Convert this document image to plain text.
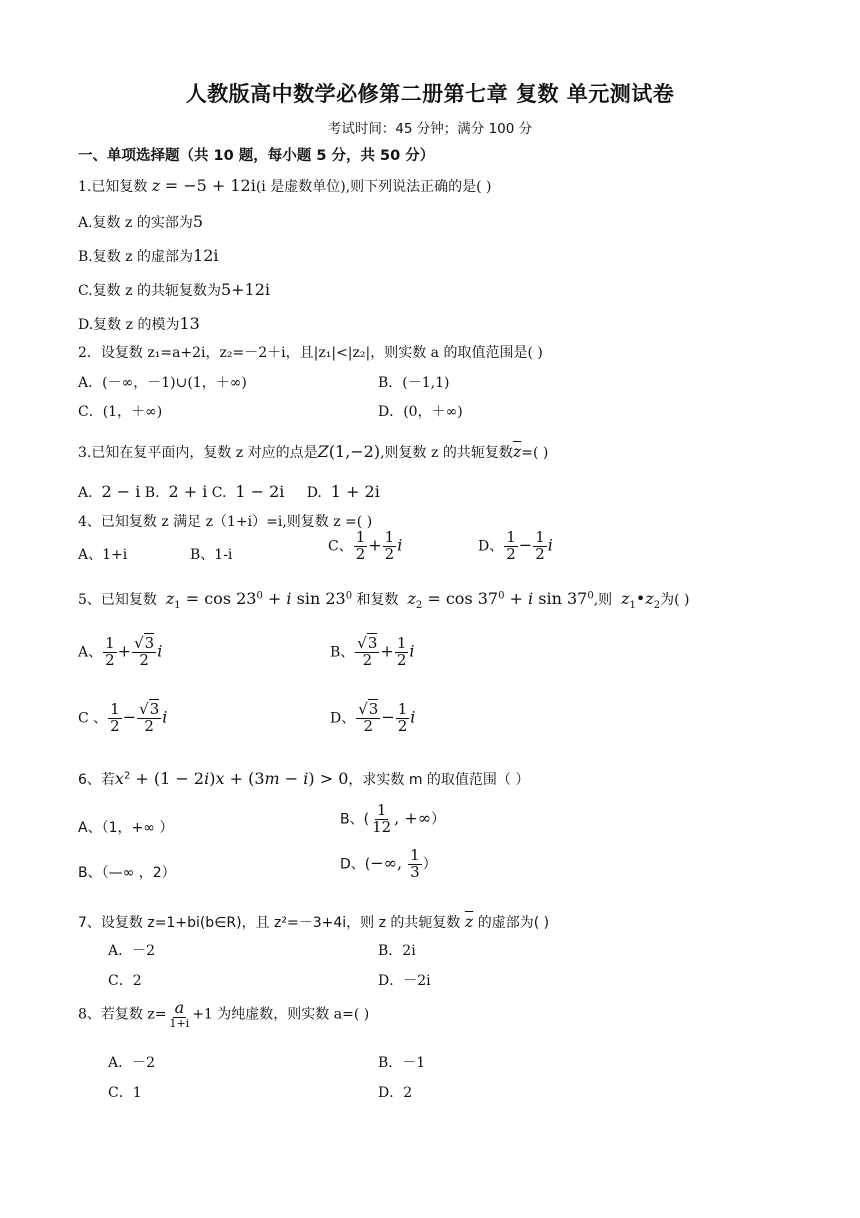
人教版高中数学必修第二册第七章 复数 单元测试卷
考试时间：45 分钟；满分 100 分
一、单项选择题（共 10 题，每小题 5 分，共 50 分）
1.已知复数 z = −5 + 12i(i 是虚数单位),则下列说法正确的是( )
A.复数 z 的实部为5
B.复数 z 的虚部为12i
C.复数 z 的共轭复数为5+12i
D.复数 z 的模为13
2．设复数 z₁=a+2i，z₂=－2＋i，且|z₁|<|z₂|，则实数 a 的取值范围是( )
A．(－∞，－1)∪(1，＋∞)	B．(－1,1)
C．(1，＋∞)	D．(0，＋∞)
3.已知在复平面内，复数 z 对应的点是Z(1,−2),则复数 z 的共轭复数$\overline{z}=$( )
A. 2 − i B. 2 + i C. 1 − 2i D. 1 + 2i
4、已知复数 z 满足 z（1+i）=i,则复数 z =( )
A、1+i	B、1-i
C、 $\frac{1}{2} + \frac{1}{2}$ i	D、 $\frac{1}{2} - \frac{1}{2}$ i
5、已知复数 $z_1 = \cos 23^0 + i$ $\sin 23^0$ 和复数 $z_2 = \cos 37^0 + i$ $\sin 37^0$,则 $z_1•z_2$为( )
A、 $\frac{1}{2} + \frac{√3}{2}$ i	B、 $\frac{√3}{2} + \frac{1}{2}$ i
C 、 $\frac{1}{2} - \frac{√3}{2}$ i	D、 $\frac{√3}{2} - \frac{1}{2}$ i
6、若$x^2 + (1 - 2i)x + (3m - i) > 0$，求实数 m 的取值范围（ ）
A、（1，+∞ ）
B、( $\frac{1}{12}$ , +∞）
B、（—∞ ，2）
D、(−∞, $\frac{1}{3}$ ）
7、设复数 z=1+bi(b∈R)，且 z²=－3+4i，则 z 的共轭复数 $\overline{z}$ 的虚部为( )
A．－2	B．2i
C．2	D．－2i
8、若复数 $z= \frac{a}{1+i} +1$ 为纯虚数，则实数 a=( )
A．－2	B．－1
C．1	D．2
